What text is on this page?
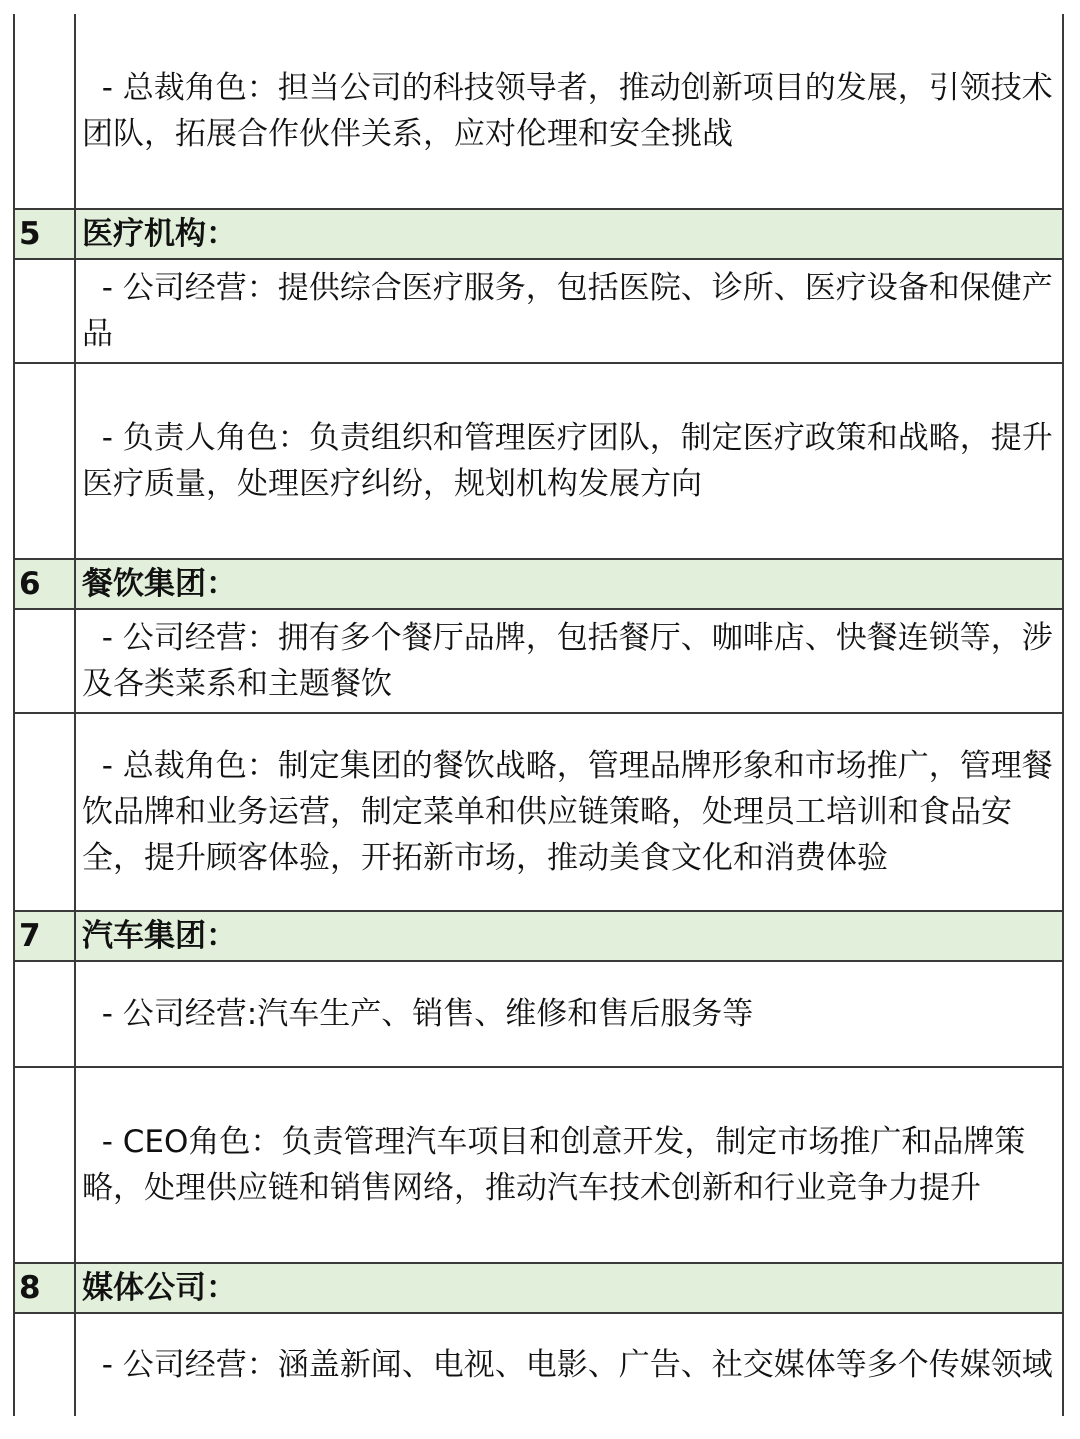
	- 总裁角色：担当公司的科技领导者，推动创新项目的发展，引领技术团队，拓展合作伙伴关系，应对伦理和安全挑战
5	医疗机构：
	- 公司经营：提供综合医疗服务，包括医院、诊所、医疗设备和保健产品
	- 负责人角色：负责组织和管理医疗团队，制定医疗政策和战略，提升医疗质量，处理医疗纠纷，规划机构发展方向
6	餐饮集团：
	- 公司经营：拥有多个餐厅品牌，包括餐厅、咖啡店、快餐连锁等，涉及各类菜系和主题餐饮
	- 总裁角色：制定集团的餐饮战略，管理品牌形象和市场推广，管理餐饮品牌和业务运营，制定菜单和供应链策略，处理员工培训和食品安全，提升顾客体验，开拓新市场，推动美食文化和消费体验
7	汽车集团：
	- 公司经营:汽车生产、销售、维修和售后服务等
	- CEO角色：负责管理汽车项目和创意开发，制定市场推广和品牌策略，处理供应链和销售网络，推动汽车技术创新和行业竞争力提升
8	媒体公司：
	- 公司经营：涵盖新闻、电视、电影、广告、社交媒体等多个传媒领域
